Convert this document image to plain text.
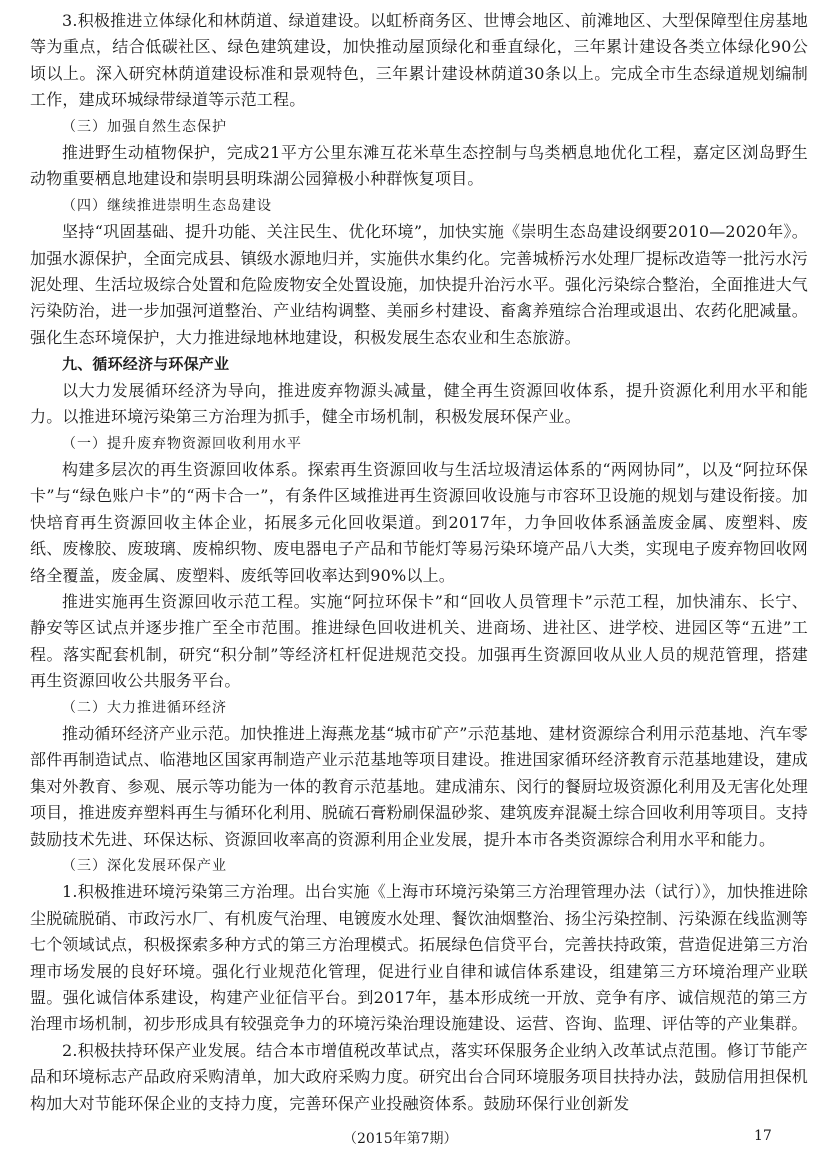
3.积极推进立体绿化和林荫道、绿道建设。以虹桥商务区、世博会地区、前滩地区、大型保障型住房基地等为重点，结合低碳社区、绿色建筑建设，加快推动屋顶绿化和垂直绿化，三年累计建设各类立体绿化90公顷以上。深入研究林荫道建设标准和景观特色，三年累计建设林荫道30条以上。完成全市生态绿道规划编制工作，建成环城绿带绿道等示范工程。

（三）加强自然生态保护

推进野生动植物保护，完成21平方公里东滩互花米草生态控制与鸟类栖息地优化工程，嘉定区浏岛野生动物重要栖息地建设和崇明县明珠湖公园獐极小种群恢复项目。

（四）继续推进崇明生态岛建设

坚持“巩固基础、提升功能、关注民生、优化环境”，加快实施《崇明生态岛建设纲要2010—2020年》。加强水源保护，全面完成县、镇级水源地归并，实施供水集约化。完善城桥污水处理厂提标改造等一批污水污泥处理、生活垃圾综合处置和危险废物安全处置设施，加快提升治污水平。强化污染综合整治，全面推进大气污染防治，进一步加强河道整治、产业结构调整、美丽乡村建设、畜禽养殖综合治理或退出、农药化肥减量。强化生态环境保护，大力推进绿地林地建设，积极发展生态农业和生态旅游。

九、循环经济与环保产业

以大力发展循环经济为导向，推进废弃物源头减量，健全再生资源回收体系，提升资源化利用水平和能力。以推进环境污染第三方治理为抓手，健全市场机制，积极发展环保产业。

（一）提升废弃物资源回收利用水平

构建多层次的再生资源回收体系。探索再生资源回收与生活垃圾清运体系的“两网协同”，以及“阿拉环保卡”与“绿色账户卡”的“两卡合一”，有条件区域推进再生资源回收设施与市容环卫设施的规划与建设衔接。加快培育再生资源回收主体企业，拓展多元化回收渠道。到2017年，力争回收体系涵盖废金属、废塑料、废纸、废橡胶、废玻璃、废棉织物、废电器电子产品和节能灯等易污染环境产品八大类，实现电子废弃物回收网络全覆盖，废金属、废塑料、废纸等回收率达到90%以上。

推进实施再生资源回收示范工程。实施“阿拉环保卡”和“回收人员管理卡”示范工程，加快浦东、长宁、静安等区试点并逐步推广至全市范围。推进绿色回收进机关、进商场、进社区、进学校、进园区等“五进”工程。落实配套机制，研究“积分制”等经济杠杆促进规范交投。加强再生资源回收从业人员的规范管理，搭建再生资源回收公共服务平台。

（二）大力推进循环经济

推动循环经济产业示范。加快推进上海燕龙基“城市矿产”示范基地、建材资源综合利用示范基地、汽车零部件再制造试点、临港地区国家再制造产业示范基地等项目建设。推进国家循环经济教育示范基地建设，建成集对外教育、参观、展示等功能为一体的教育示范基地。建成浦东、闵行的餐厨垃圾资源化利用及无害化处理项目，推进废弃塑料再生与循环化利用、脱硫石膏粉刷保温砂浆、建筑废弃混凝土综合回收利用等项目。支持鼓励技术先进、环保达标、资源回收率高的资源利用企业发展，提升本市各类资源综合利用水平和能力。

（三）深化发展环保产业

1.积极推进环境污染第三方治理。出台实施《上海市环境污染第三方治理管理办法（试行）》，加快推进除尘脱硫脱硝、市政污水厂、有机废气治理、电镀废水处理、餐饮油烟整治、扬尘污染控制、污染源在线监测等七个领域试点，积极探索多种方式的第三方治理模式。拓展绿色信贷平台，完善扶持政策，营造促进第三方治理市场发展的良好环境。强化行业规范化管理，促进行业自律和诚信体系建设，组建第三方环境治理产业联盟。强化诚信体系建设，构建产业征信平台。到2017年，基本形成统一开放、竞争有序、诚信规范的第三方治理市场机制，初步形成具有较强竞争力的环境污染治理设施建设、运营、咨询、监理、评估等的产业集群。

2.积极扶持环保产业发展。结合本市增值税改革试点，落实环保服务企业纳入改革试点范围。修订节能产品和环境标志产品政府采购清单，加大政府采购力度。研究出台合同环境服务项目扶持办法，鼓励信用担保机构加大对节能环保企业的支持力度，完善环保产业投融资体系。鼓励环保行业创新发

（2015年第7期）	17
